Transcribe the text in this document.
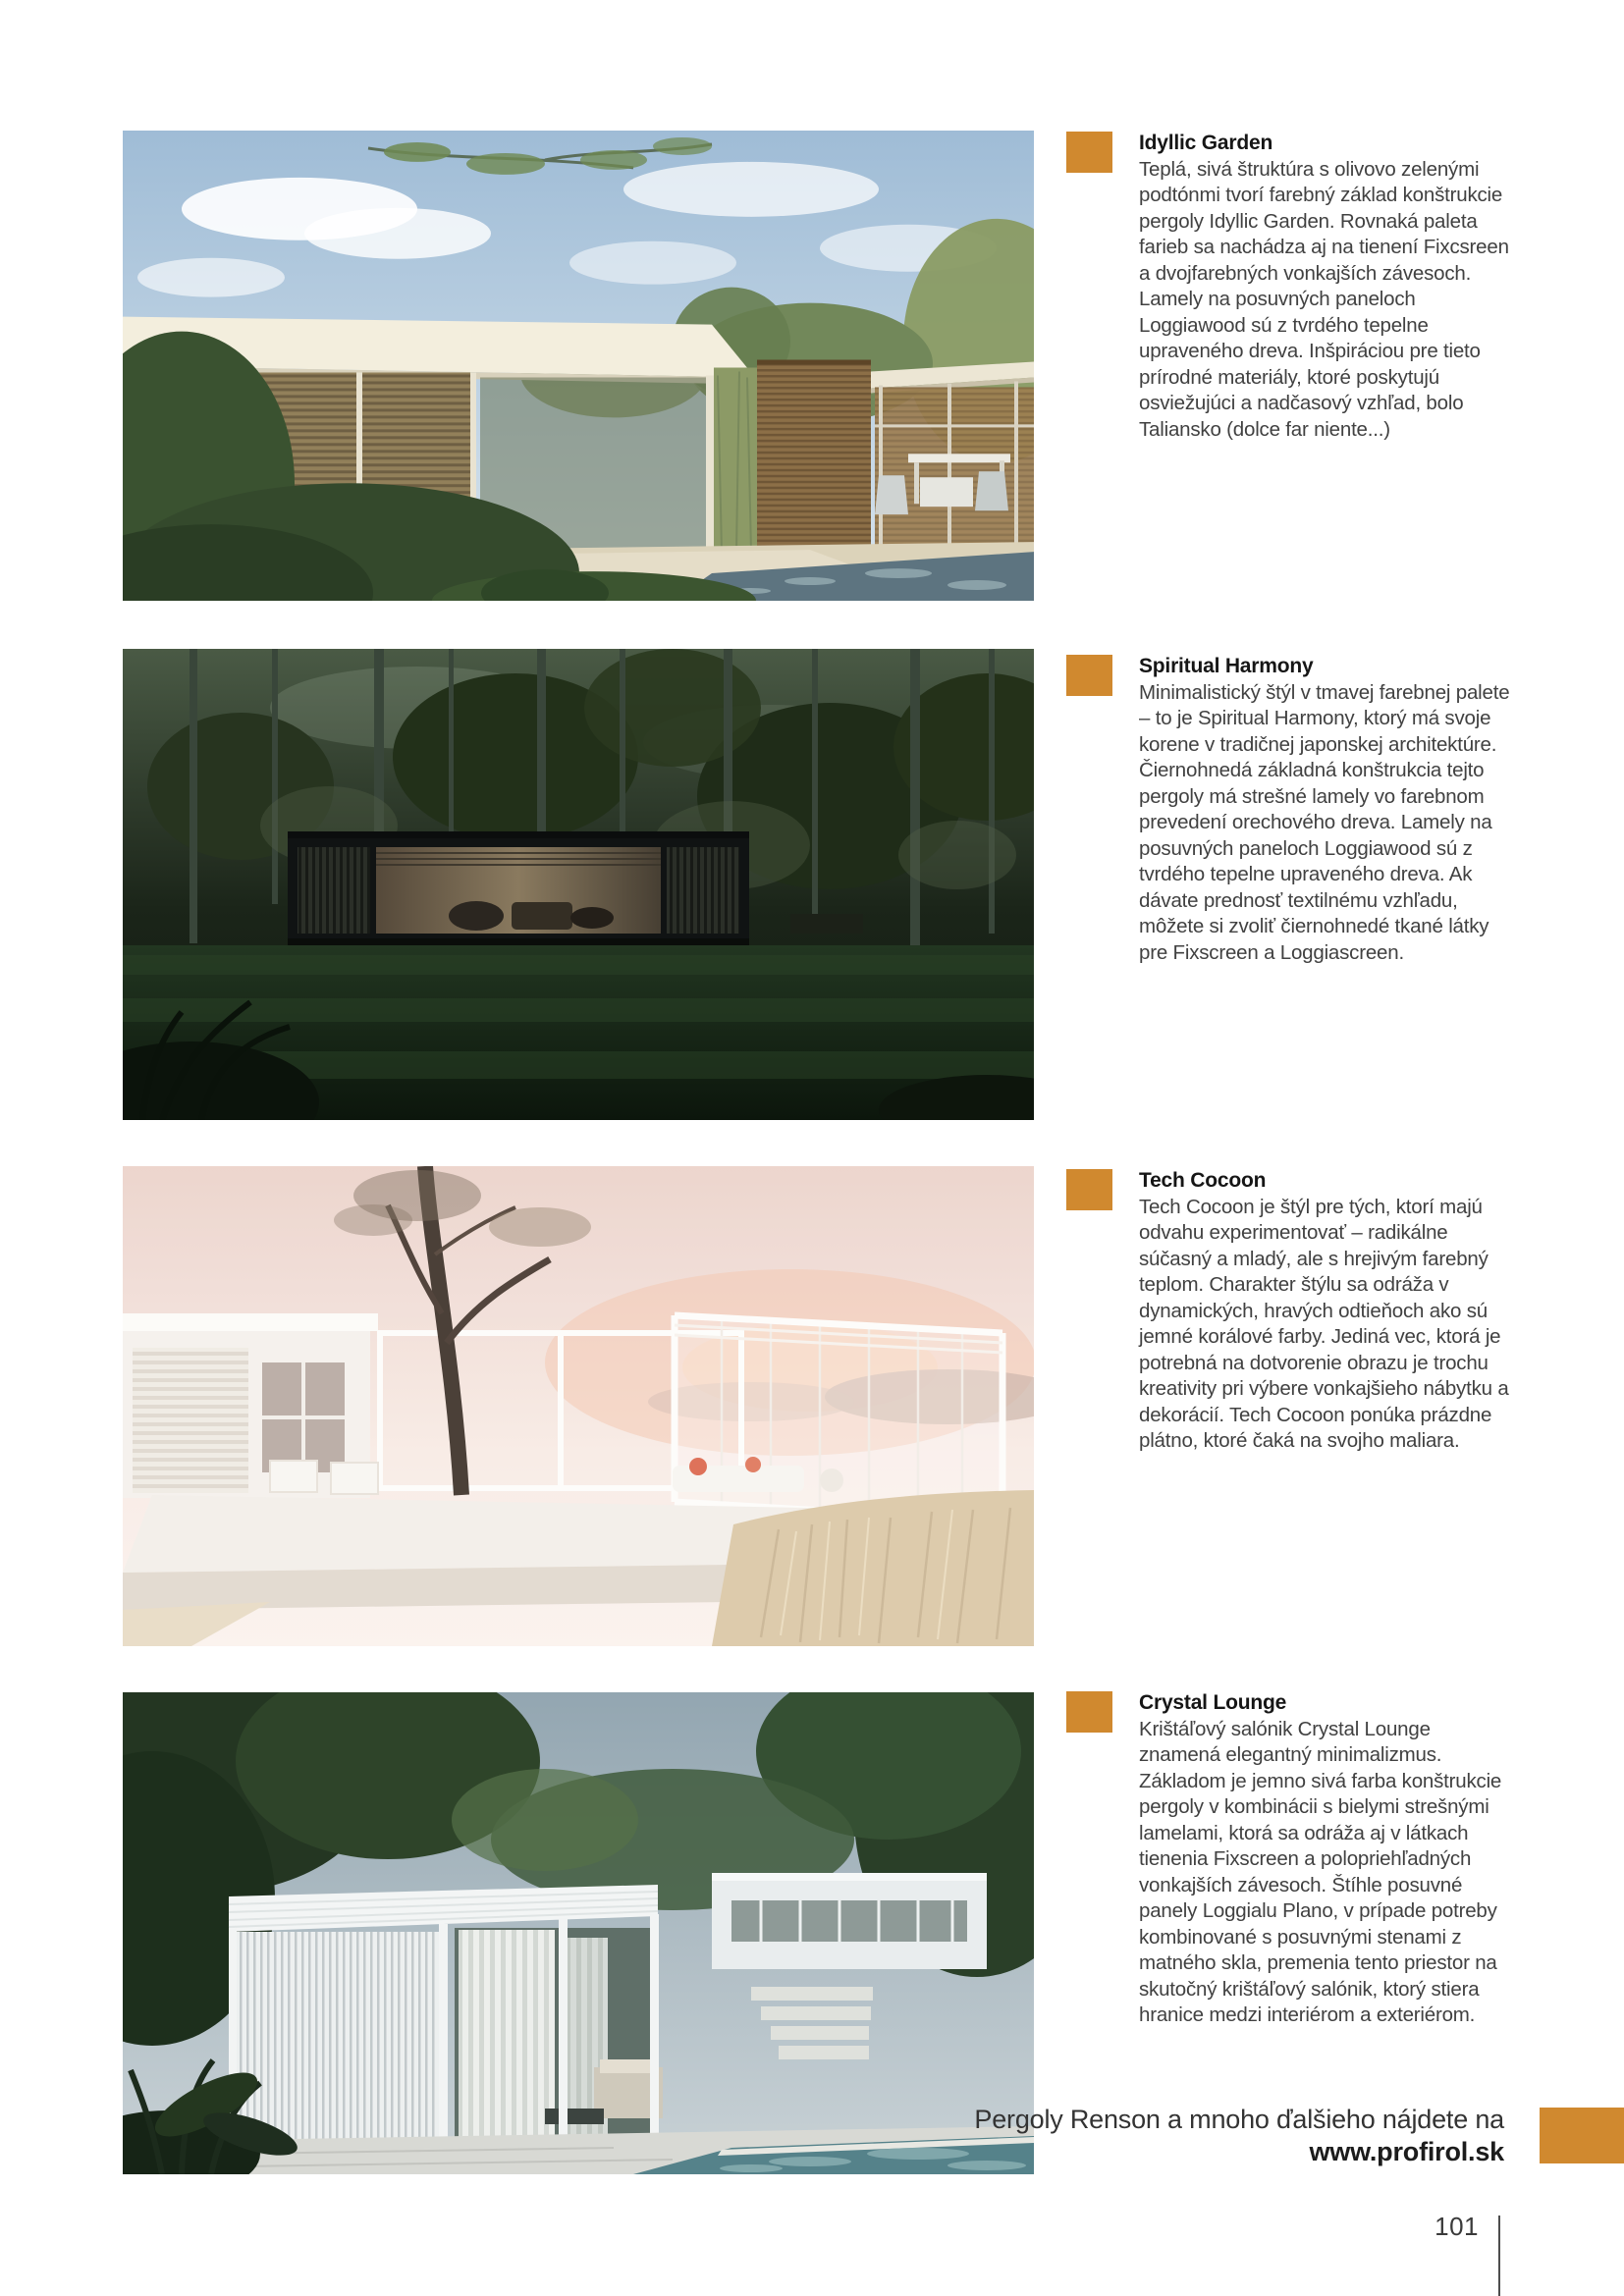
Idyllic Garden

Teplá, sivá štruktúra s olivovo zelenými podtónmi tvorí farebný základ konštrukcie pergoly Idyllic Garden. Rovnaká paleta farieb sa nachádza aj na tienení Fixcsreen a dvojfarebných vonkajších závesoch. Lamely na posuvných paneloch Loggiawood sú z tvrdého tepelne upraveného dreva. Inšpiráciou pre tieto prírodné materiály, ktoré poskytujú osviežujúci a nadčasový vzhľad, bolo Taliansko (dolce far niente...)

Spiritual Harmony

Minimalistický štýl v tmavej farebnej palete – to je Spiritual Harmony, ktorý má svoje korene v tradičnej japonskej architektúre. Čiernohnedá základná konštrukcia tejto pergoly má strešné lamely vo farebnom prevedení orechového dreva. Lamely na posuvných paneloch Loggiawood sú z tvrdého tepelne upraveného dreva. Ak dávate prednosť textilnému vzhľadu, môžete si zvoliť čiernohnedé tkané látky pre Fixscreen a Loggiascreen.

Tech Cocoon

Tech Cocoon je štýl pre tých, ktorí majú odvahu experimentovať – radikálne súčasný a mladý, ale s hrejivým farebný teplom. Charakter štýlu sa odráža v dynamických, hravých odtieňoch ako sú jemné korálové farby. Jediná vec, ktorá je potrebná na dotvorenie obrazu je trochu kreativity pri výbere vonkajšieho nábytku a dekorácií. Tech Cocoon ponúka prázdne plátno, ktoré čaká na svojho maliara.

Crystal Lounge

Krištáľový salónik Crystal Lounge znamená elegantný minimalizmus. Základom je jemno sivá farba konštrukcie pergoly v kombinácii s bielymi strešnými lamelami, ktorá sa odráža aj v látkach tienenia Fixscreen a polopriehľadných vonkajších závesoch. Štíhle posuvné panely Loggialu Plano, v prípade potreby kombinované s posuvnými stenami z matného skla, premenia tento priestor na skutočný krištáľový salónik, ktorý stiera hranice medzi interiérom a exteriérom.

Pergoly Renson a mnoho ďalšieho nájdete na
www.profirol.sk
101
